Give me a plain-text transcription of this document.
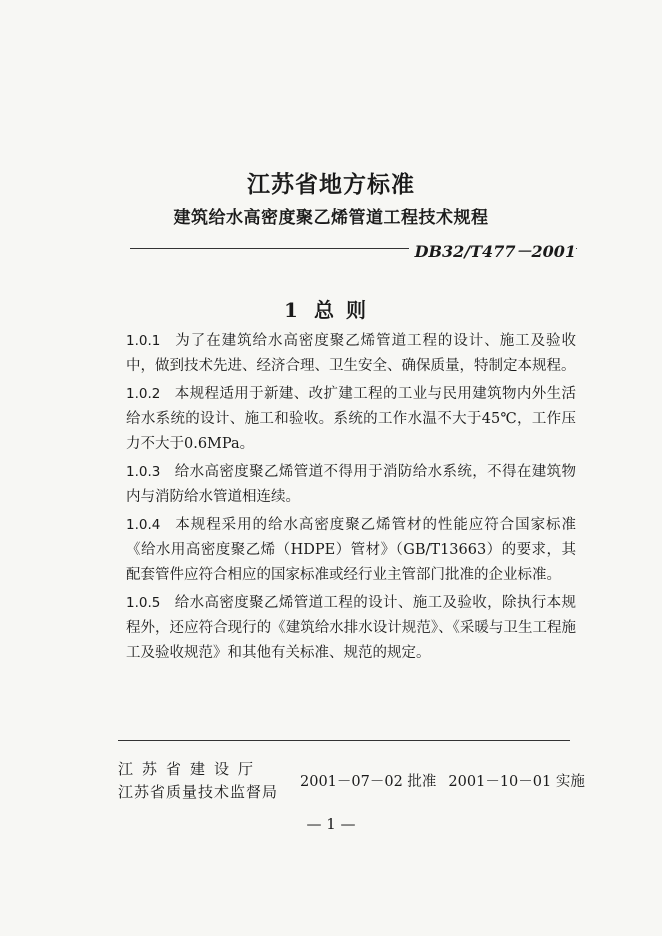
江苏省地方标准
建筑给水高密度聚乙烯管道工程技术规程
DB32/T477－2001
1 总则
1.0.1 为了在建筑给水高密度聚乙烯管道工程的设计、施工及验收中，做到技术先进、经济合理、卫生安全、确保质量，特制定本规程。
1.0.2 本规程适用于新建、改扩建工程的工业与民用建筑物内外生活给水系统的设计、施工和验收。系统的工作水温不大于45℃，工作压力不大于0.6MPa。
1.0.3 给水高密度聚乙烯管道不得用于消防给水系统，不得在建筑物内与消防给水管道相连续。
1.0.4 本规程采用的给水高密度聚乙烯管材的性能应符合国家标准《给水用高密度聚乙烯（HDPE）管材》（GB/T13663）的要求，其配套管件应符合相应的国家标准或经行业主管部门批准的企业标准。
1.0.5 给水高密度聚乙烯管道工程的设计、施工及验收，除执行本规程外，还应符合现行的《建筑给水排水设计规范》、《采暖与卫生工程施工及验收规范》和其他有关标准、规范的规定。
江苏省建设厅
江苏省质量技术监督局
2001－07－02 批准 2001－10－01 实施
— 1 —
